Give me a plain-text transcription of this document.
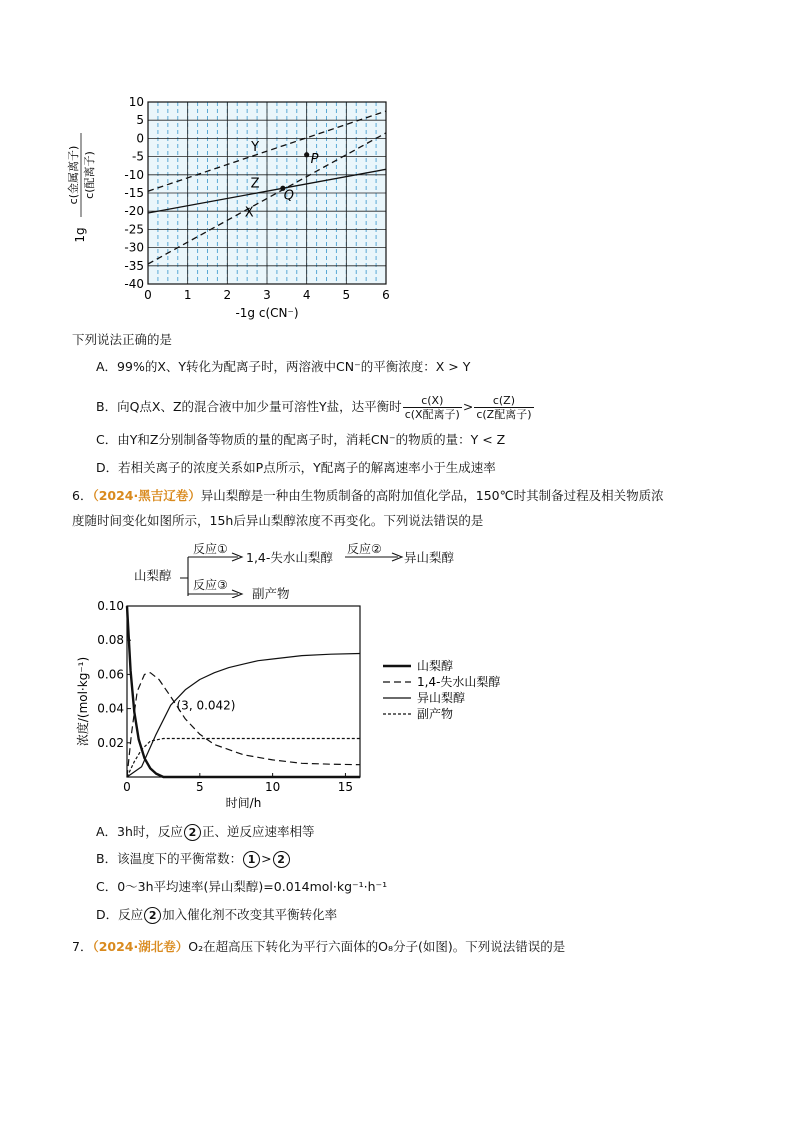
0	1	2	3	4	5	6
10
5
0
-5
-10
-15
-20
-25
-30
-35
-40
-1g c(CN⁻)
1g
c(金属离子) c(配离子)
Y
Z
X
P
Q
下列说法正确的是
A．99%的X、Y转化为配离子时，两溶液中CN⁻的平衡浓度：X > Y
B．向Q点X、Z的混合液中加少量可溶性Y盐，达平衡时 $\frac{c(X)}{\text{c(X配离子)}} > \frac{c(Z)}{\text{c(Z配离子)}}$
C．由Y和Z分别制备等物质的量的配离子时，消耗CN⁻的物质的量：Y < Z
D．若相关离子的浓度关系如P点所示，Y配离子的解离速率小于生成速率
6．（2024·黑吉辽卷）异山梨醇是一种由生物质制备的高附加值化学品，150℃时其制备过程及相关物质浓
度随时间变化如图所示，15h后异山梨醇浓度不再变化。下列说法错误的是
山梨醇
反应①
1,4-失水山梨醇
反应②
异山梨醇
反应③
副产物
0	5	10	15
0.02
0.04
0.06
0.08
0.10
时间/h
浓度/(mol·kg⁻¹)	(3, 0.042)
山梨醇
1,4-失水山梨醇
异山梨醇
副产物
A．3h时，反应 2 正、逆反应速率相等
B．该温度下的平衡常数： 1 > 2
C．0～3h平均速率(异山梨醇)=0.014mol·kg⁻¹·h⁻¹
D．反应 2 加入催化剂不改变其平衡转化率
7．（2024·湖北卷）O₂在超高压下转化为平行六面体的O₈分子(如图)。下列说法错误的是
